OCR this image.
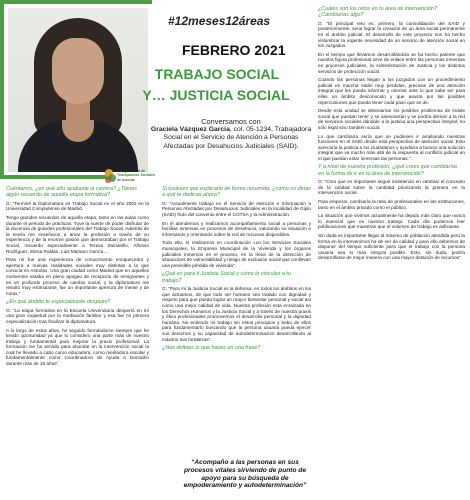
Colegio Oficial de
Trabajadoras Sociales
de Asturias
#12meses12áreas
FEBRERO 2021
TRABAJO SOCIAL
Y… JUSTICIA SOCIAL
Conversamos con
Graciela Vázquez García, col. 05-1234, Trabajadora Social en el Servicio de Atención a Personas Afectadas por Desahucios Judiciales (SAID).
Cuéntanos, ¿en qué año acabaste la carrera? ¿Tienes algún recuerdo de aquella etapa formativa?
G: “Terminé la Diplomatura en Trabajo Social en el año 2002 en la Universidad Complutense de Madrid.
Tengo grandes recuerdos de aquella etapa, tanto en las aulas como durante el periodo de prácticas. Tuve la suerte de poder disfrutar de la docencia de grandes profesionales del Trabajo Social. Además de la teoría me enseñaron a amar la profesión a través de su experiencia y de la enorme pasión que demostraban por el Trabajo Social, recuerdo especialmente a Teresa Zamanillo, Alfonso Rodríguez, Elena Roldán, Luis Mariano García…
Para mí fue una experiencia de conocimiento enriquecedor y apertura a nuevas realidades sociales muy distintas a la que conocía en Asturias. Una gran ciudad como Madrid que en aquellos momentos estaba en pleno apogeo de recepción de inmigrantes y en un profundo proceso de cambio social, y la diplomatura me resultó muy estimulante, fue un importante apertura de mente y de miras.”
¿En qué ámbito te especializaste después?
G: “La etapa formativa en la Escuela Universitaria despertó en mí una gran inquietud por la mediación familiar y esa fue mi primera especialización tras finalizar la diplomatura.
A lo largo de estos años, he seguido formándome siempre que he tenido oportunidad ya que lo considero una parte más de nuestro trabajo y fundamental para mejorar la praxis profesional. La formación me ha servido para ahondar en la intervención social la cual he llevado a cabo como educadora, como mediadora escolar y fundamentalmente como Coordinadora de Ayuda a Domicilio durante más de 15 años”.
Si tuvieses que explicarlo de forma resumida, ¿cómo no dirías a qué te dedicas ahora?
G: “Actualmente trabajo en el Servicio de Atención e Información a Personas Afectadas por Desahucios Judiciales en la localidad de Gijón (SAID) fruto del convenio entre el COTSA y la Administración.
En él atendemos y realizamos acompañamiento social a personas y familias inmersas en procesos de desahucio, valorando su situación e informando y orientando sobre la red de recursos disponibles.
Todo ello, lo realizamos en coordinación con los Servicios Sociales municipales, la Empresa Municipal de la Vivienda y los órganos judiciales inmersos en el proceso, en la línea de la detección de situaciones de vulnerabilidad y riesgo de exclusión social que conllevan una previsible pérdida de vivienda”.
¿Qué es para ti Justicia Social y cómo lo vinculas a tu trabajo?
G: “Para mí la Justicia Social es la defensa, en todos los ámbitos en los que actuamos, de que todo ser humano sea tratado con dignidad y respeto para que pueda lograr un mayor bienestar personal y social así como una mejor calidad de vida. Nuestra profesión esta enraizada en los Derechos Humanos y la Justicia Social y a través de nuestra praxis y ética profesionales promovemos el desarrollo personal y la dignidad humana. No entiendo mi trabajo sin estos principios y bebo de ellos para fundamentarlo buscando que la persona usuaria pueda ejercer sus derechos y su capacidad de autodeterminación desarrollando al máximo sus fortalezas”.
¿Nos defines lo que haces en una frase?
¿Cuáles son los retos en tu área de intervención? ¿Cambiarías algo?
G: “El principal reto es, primero, la consolidación del SAID y posteriormente, seria lograr la creación de un área social permanente en el ámbito judicial. El desarrollo de este proyecto nos ha hecho vislumbrar la urgente necesidad de un servicio de atención social en los Juzgados.
En el tiempo que llevamos desarrollándolo se ha hecho patente que nuestra figura profesional sirve de enlace entre las personas inmersas en procesos judiciales, la Administración de Justicia y los distintos servicios de protección social.
Cuando las personas llegan a los juzgados con un procedimiento judicial en marcha están muy perdidas, precisan de una atención integral que les pueda informar y orientar ante lo que sabe ser para ellas un ámbito desconocido y que asusta por las posibles repercusiones que pueda tener cada paso que se de.
Desde esta unidad se detectarían los posibles problemas de índole social que puedan tener y se asesorarían y se podría derivar a la red de servicios sociales dándole a la justicia una perspectiva integral, no sólo legal sino también social.
Lo que cambiaría sería que se pudiesen ir ampliando nuestras funciones en el SAID desde esta perspectiva de atención social. Esto acercaría la justicia a los ciudadanos y ayudaría a buscar una solución integral que va mucho más allá de la respuesta al conflicto judicial en el que puedan estar inmersas las personas.”.
Y a nivel de nuestra profesión, ¿qué crees que cambiarías en la forma de ir en tu área de intervención?
G: “Creo que es importante seguir insistiendo en cambiar el concepto de la calidad sobre la cantidad priorizando la primera en la intervención social.
Para empezar, cambiaría la ratio de profesionales en las instituciones, tanto en el ámbito privado como el público.
La situación que vivimos actualmente ha dejado más claro que nunca lo esencial que es nuestro trabajo. Cada día podemos leer publicaciones que muestran que el volumen de trabajo es asfixiante.
Sin duda es importante llegar al máximo de población atendida pero la forma en la intervenimos ha de ser de calidad y para ello debemos de disponer del tiempo suficiente para que el trabajo con la persona usuaria sea lo más integral posible. Esto, sin duda, podría desarrollarse de mejor manera con una mayor dotación de recursos”.
“Acompaño a las personas en sus procesos vitales sirviendo de punto de apoyo para su búsqueda de empoderamiento y autodeterminación”
